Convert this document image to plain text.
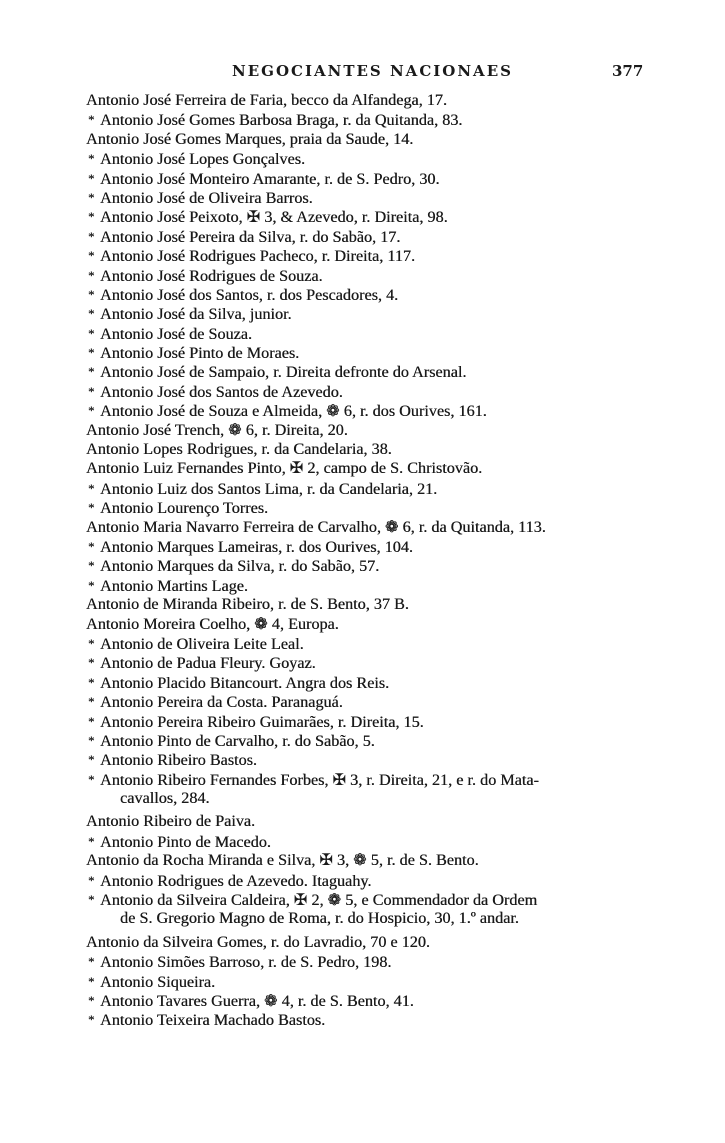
NEGOCIANTES NACIONAES	377
Antonio José Ferreira de Faria, becco da Alfandega, 17.
* Antonio José Gomes Barbosa Braga, r. da Quitanda, 83.
Antonio José Gomes Marques, praia da Saude, 14.
* Antonio José Lopes Gonçalves.
* Antonio José Monteiro Amarante, r. de S. Pedro, 30.
* Antonio José de Oliveira Barros.
* Antonio José Peixoto, ✠ 3, & Azevedo, r. Direita, 98.
* Antonio José Pereira da Silva, r. do Sabão, 17.
* Antonio José Rodrigues Pacheco, r. Direita, 117.
* Antonio José Rodrigues de Souza.
* Antonio José dos Santos, r. dos Pescadores, 4.
* Antonio José da Silva, junior.
* Antonio José de Souza.
* Antonio José Pinto de Moraes.
* Antonio José de Sampaio, r. Direita defronte do Arsenal.
* Antonio José dos Santos de Azevedo.
* Antonio José de Souza e Almeida, ❁ 6, r. dos Ourives, 161.
Antonio José Trench, ❁ 6, r. Direita, 20.
Antonio Lopes Rodrigues, r. da Candelaria, 38.
Antonio Luiz Fernandes Pinto, ✠ 2, campo de S. Christovão.
* Antonio Luiz dos Santos Lima, r. da Candelaria, 21.
* Antonio Lourenço Torres.
Antonio Maria Navarro Ferreira de Carvalho, ❁ 6, r. da Quitanda, 113.
* Antonio Marques Lameiras, r. dos Ourives, 104.
* Antonio Marques da Silva, r. do Sabão, 57.
* Antonio Martins Lage.
Antonio de Miranda Ribeiro, r. de S. Bento, 37 B.
Antonio Moreira Coelho, ❁ 4, Europa.
* Antonio de Oliveira Leite Leal.
* Antonio de Padua Fleury. Goyaz.
* Antonio Placido Bitancourt. Angra dos Reis.
* Antonio Pereira da Costa. Paranaguá.
* Antonio Pereira Ribeiro Guimarães, r. Direita, 15.
* Antonio Pinto de Carvalho, r. do Sabão, 5.
* Antonio Ribeiro Bastos.
* Antonio Ribeiro Fernandes Forbes, ✠ 3, r. Direita, 21, e r. do Mata-
cavallos, 284.
Antonio Ribeiro de Paiva.
* Antonio Pinto de Macedo.
Antonio da Rocha Miranda e Silva, ✠ 3, ❁ 5, r. de S. Bento.
* Antonio Rodrigues de Azevedo. Itaguahy.
* Antonio da Silveira Caldeira, ✠ 2, ❁ 5, e Commendador da Ordem
de S. Gregorio Magno de Roma, r. do Hospicio, 30, 1.º andar.
Antonio da Silveira Gomes, r. do Lavradio, 70 e 120.
* Antonio Simões Barroso, r. de S. Pedro, 198.
* Antonio Siqueira.
* Antonio Tavares Guerra, ❁ 4, r. de S. Bento, 41.
* Antonio Teixeira Machado Bastos.
